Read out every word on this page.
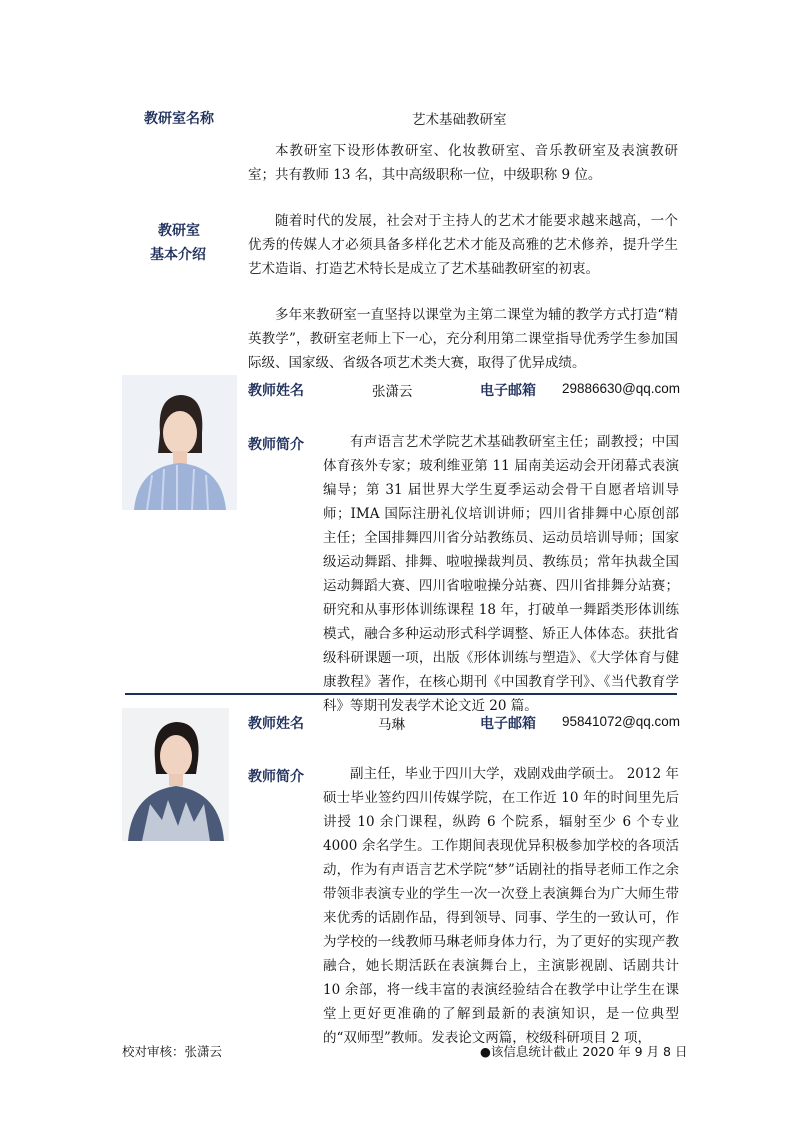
教研室名称	艺术基础教研室
教研室
基本介绍

本教研室下设形体教研室、化妆教研室、音乐教研室及表演教研室；共有教师 13 名，其中高级职称一位，中级职称 9 位。

随着时代的发展，社会对于主持人的艺术才能要求越来越高，一个优秀的传媒人才必须具备多样化艺术才能及高雅的艺术修养，提升学生艺术造诣、打造艺术特长是成立了艺术基础教研室的初衷。

多年来教研室一直坚持以课堂为主第二课堂为辅的教学方式打造“精英教学”，教研室老师上下一心，充分利用第二课堂指导优秀学生参加国际级、国家级、省级各项艺术类大赛，取得了优异成绩。

教师姓名	张潇云	电子邮箱 29886630@qq.com
教师简介	有声语言艺术学院艺术基础教研室主任；副教授；中国体育孩外专家；玻利维亚第 11 届南美运动会开闭幕式表演编导；第 31 届世界大学生夏季运动会骨干自愿者培训导师；IMA 国际注册礼仪培训讲师；四川省排舞中心原创部主任；全国排舞四川省分站教练员、运动员培训导师；国家级运动舞蹈、排舞、啦啦操裁判员、教练员；常年执裁全国运动舞蹈大赛、四川省啦啦操分站赛、四川省排舞分站赛；研究和从事形体训练课程 18 年，打破单一舞蹈类形体训练模式，融合多种运动形式科学调整、矫正人体体态。获批省级科研课题一项，出版《形体训练与塑造》、《大学体育与健康教程》著作，在核心期刊《中国教育学刊》、《当代教育学科》等期刊发表学术论文近 20 篇。

教师姓名	马琳	电子邮箱 95841072@qq.com
教师简介	副主任，毕业于四川大学，戏剧戏曲学硕士。 2012 年硕士毕业签约四川传媒学院，在工作近 10 年的时间里先后讲授 10 余门课程，纵跨 6 个院系，辐射至少 6 个专业 4000 余名学生。工作期间表现优异积极参加学校的各项活动，作为有声语言艺术学院“梦”话剧社的指导老师工作之余带领非表演专业的学生一次一次登上表演舞台为广大师生带来优秀的话剧作品，得到领导、同事、学生的一致认可，作为学校的一线教师马琳老师身体力行，为了更好的实现产教融合，她长期活跃在表演舞台上，主演影视剧、话剧共计 10 余部，将一线丰富的表演经验结合在教学中让学生在课堂上更好更准确的了解到最新的表演知识，是一位典型的“双师型”教师。发表论文两篇，校级科研项目 2 项，

校对审核：张潇云	●该信息统计截止 2020 年 9 月 8 日
